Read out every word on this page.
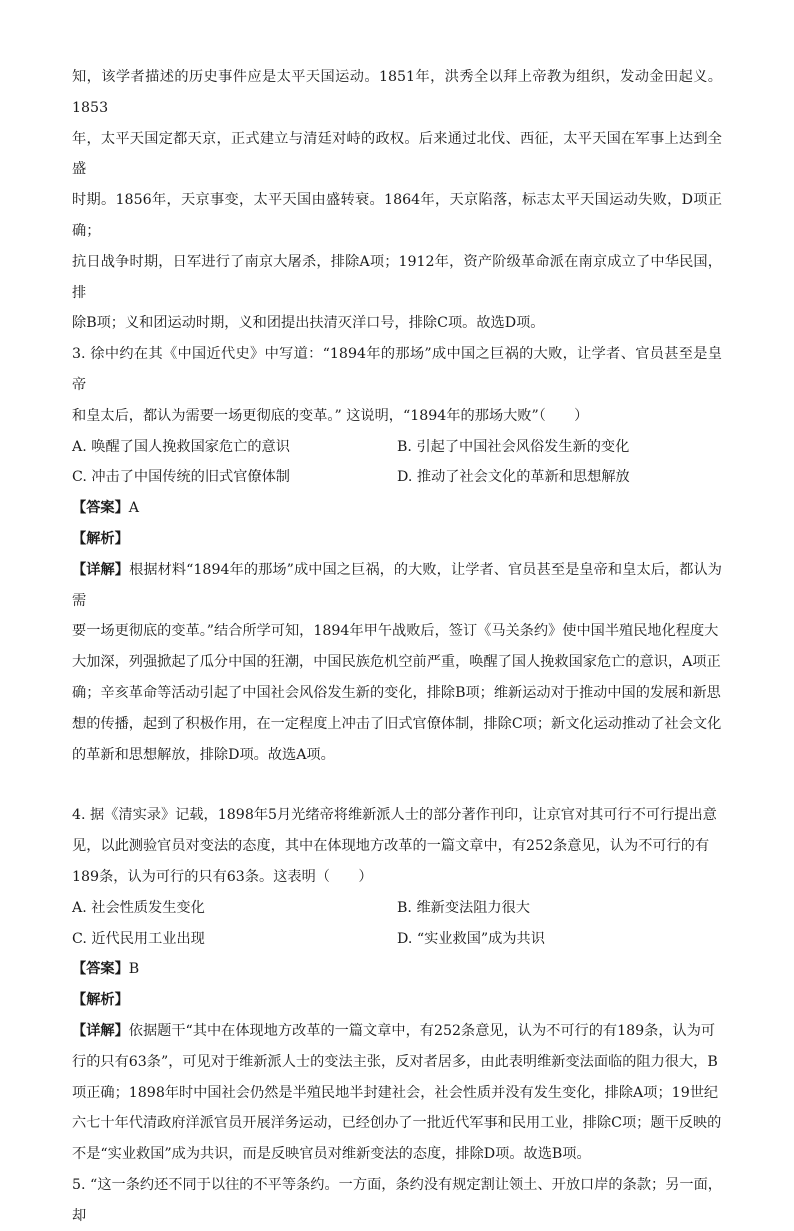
知，该学者描述的历史事件应是太平天国运动。1851年，洪秀全以拜上帝教为组织，发动金田起义。1853

年，太平天国定都天京，正式建立与清廷对峙的政权。后来通过北伐、西征，太平天国在军事上达到全盛

时期。1856年，天京事变，太平天国由盛转衰。1864年，天京陷落，标志太平天国运动失败，D项正确；

抗日战争时期，日军进行了南京大屠杀，排除A项；1912年，资产阶级革命派在南京成立了中华民国，排

除B项；义和团运动时期，义和团提出扶清灭洋口号，排除C项。故选D项。

3. 徐中约在其《中国近代史》中写道：“1894年的那场”成中国之巨祸的大败，让学者、官员甚至是皇帝

和皇太后，都认为需要一场更彻底的变革。” 这说明，“1894年的那场大败”（　　）

A. 唤醒了国人挽救国家危亡的意识	B. 引起了中国社会风俗发生新的变化
C. 冲击了中国传统的旧式官僚体制	D. 推动了社会文化的革新和思想解放

【答案】A

【解析】

【详解】根据材料“1894年的那场”成中国之巨祸，的大败，让学者、官员甚至是皇帝和皇太后，都认为需

要一场更彻底的变革。”结合所学可知，1894年甲午战败后，签订《马关条约》使中国半殖民地化程度大

大加深，列强掀起了瓜分中国的狂潮，中国民族危机空前严重，唤醒了国人挽救国家危亡的意识，A项正

确；辛亥革命等活动引起了中国社会风俗发生新的变化，排除B项；维新运动对于推动中国的发展和新思

想的传播，起到了积极作用，在一定程度上冲击了旧式官僚体制，排除C项；新文化运动推动了社会文化

的革新和思想解放，排除D项。故选A项。

4. 据《清实录》记载，1898年5月光绪帝将维新派人士的部分著作刊印，让京官对其可行不可行提出意

见，以此测验官员对变法的态度，其中在体现地方改革的一篇文章中，有252条意见，认为不可行的有

189条，认为可行的只有63条。这表明（　　）

A. 社会性质发生变化	B. 维新变法阻力很大
C. 近代民用工业出现	D. “实业救国”成为共识

【答案】B

【解析】

【详解】依据题干“其中在体现地方改革的一篇文章中，有252条意见，认为不可行的有189条，认为可

行的只有63条”，可见对于维新派人士的变法主张，反对者居多，由此表明维新变法面临的阻力很大，B

项正确；1898年时中国社会仍然是半殖民地半封建社会，社会性质并没有发生变化，排除A项；19世纪

六七十年代清政府洋派官员开展洋务运动，已经创办了一批近代军事和民用工业，排除C项；题干反映的

不是“实业救国”成为共识，而是反映官员对维新变法的态度，排除D项。故选B项。

5. “这一条约还不同于以往的不平等条约。一方面，条约没有规定割让领土、开放口岸的条款；另一面，却
